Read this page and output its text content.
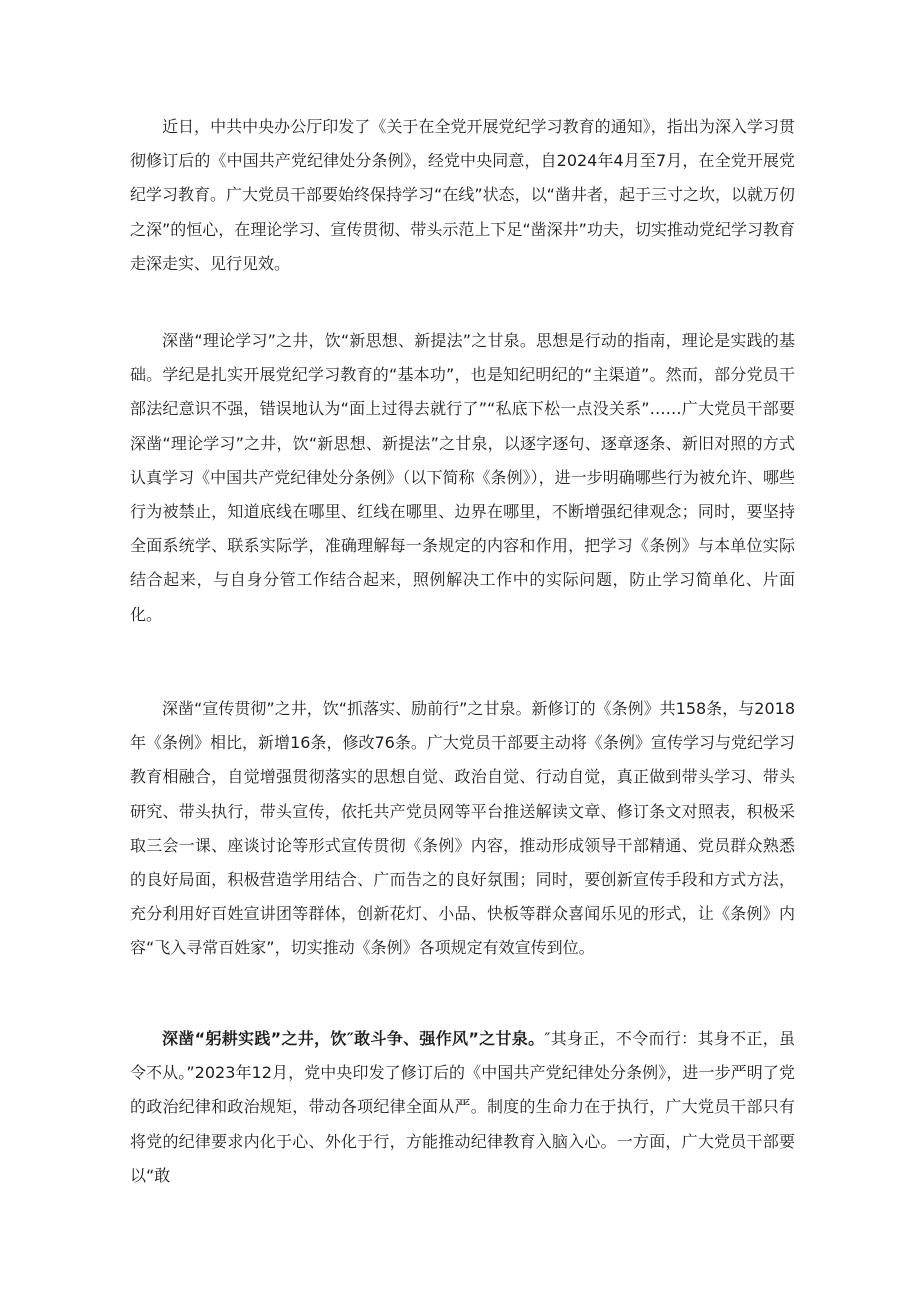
近日，中共中央办公厅印发了《关于在全党开展党纪学习教育的通知》，指出为深入学习贯彻修订后的《中国共产党纪律处分条例》，经党中央同意，自2024年4月至7月，在全党开展党纪学习教育。广大党员干部要始终保持学习“在线”状态，以“凿井者，起于三寸之坎，以就万仞之深”的恒心，在理论学习、宣传贯彻、带头示范上下足“凿深井”功夫，切实推动党纪学习教育走深走实、见行见效。

深凿“理论学习”之井，饮“新思想、新提法”之甘泉。思想是行动的指南，理论是实践的基础。学纪是扎实开展党纪学习教育的“基本功”，也是知纪明纪的“主渠道”。然而，部分党员干部法纪意识不强，错误地认为“面上过得去就行了”“私底下松一点没关系”……广大党员干部要深凿“理论学习”之井，饮“新思想、新提法”之甘泉，以逐字逐句、逐章逐条、新旧对照的方式认真学习《中国共产党纪律处分条例》（以下简称《条例》），进一步明确哪些行为被允许、哪些行为被禁止，知道底线在哪里、红线在哪里、边界在哪里，不断增强纪律观念；同时，要坚持全面系统学、联系实际学，准确理解每一条规定的内容和作用，把学习《条例》与本单位实际结合起来，与自身分管工作结合起来，照例解决工作中的实际问题，防止学习简单化、片面化。

深凿“宣传贯彻”之井，饮“抓落实、励前行”之甘泉。新修订的《条例》共158条，与2018年《条例》相比，新增16条，修改76条。广大党员干部要主动将《条例》宣传学习与党纪学习教育相融合，自觉增强贯彻落实的思想自觉、政治自觉、行动自觉，真正做到带头学习、带头研究、带头执行，带头宣传，依托共产党员网等平台推送解读文章、修订条文对照表，积极采取三会一课、座谈讨论等形式宣传贯彻《条例》内容，推动形成领导干部精通、党员群众熟悉的良好局面，积极营造学用结合、广而告之的良好氛围；同时，要创新宣传手段和方式方法，充分利用好百姓宣讲团等群体，创新花灯、小品、快板等群众喜闻乐见的形式，让《条例》内容“飞入寻常百姓家”，切实推动《条例》各项规定有效宣传到位。

深凿“躬耕实践”之井，饮″敢斗争、强作风”之甘泉。″其身正，不令而行：其身不正，虽令不从。”2023年12月，党中央印发了修订后的《中国共产党纪律处分条例》，进一步严明了党的政治纪律和政治规矩，带动各项纪律全面从严。制度的生命力在于执行，广大党员干部只有将党的纪律要求内化于心、外化于行，方能推动纪律教育入脑入心。一方面，广大党员干部要以“敢
